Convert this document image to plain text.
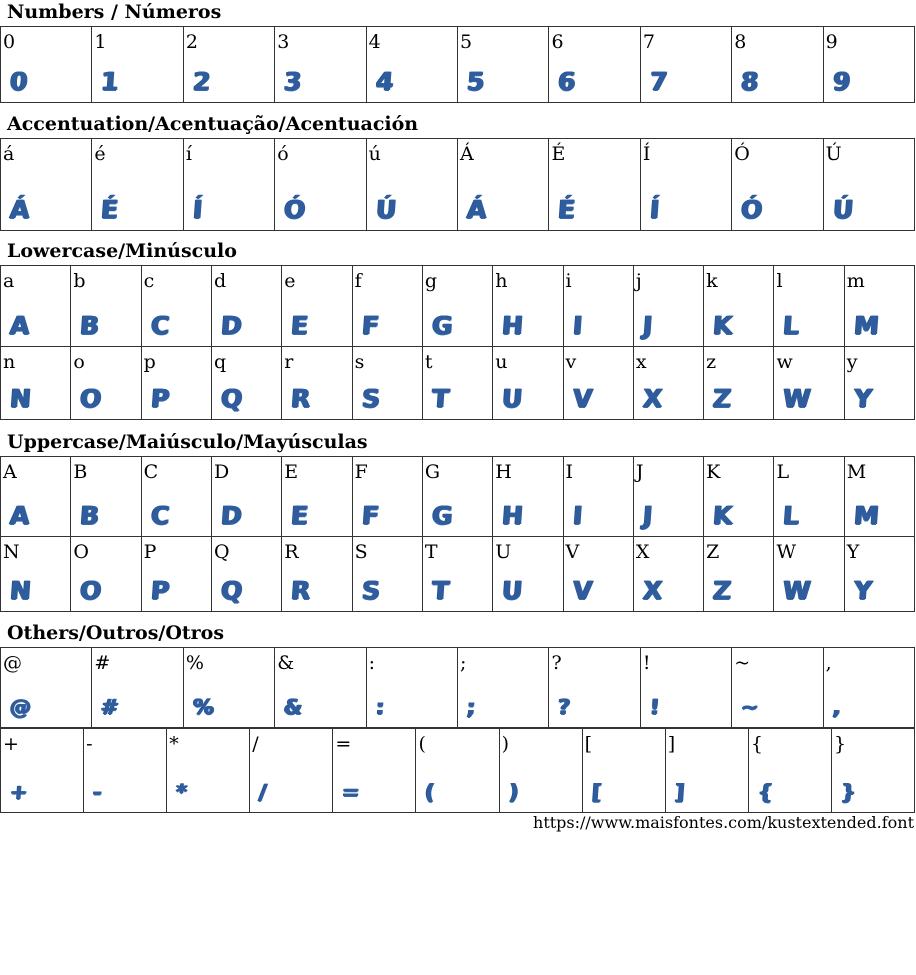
Numbers / Números
0
0
1
1
2
2
3
3
4
4
5
5
6
6
7
7
8
8
9
9
Accentuation/Acentuação/Acentuación
á
Á
é
É
í
Í
ó
Ó
ú
Ú
Á
Á
É
É
Í
Í
Ó
Ó
Ú
Ú
Lowercase/Minúsculo
a
A
b
B
c
C
d
D
e
E
f
F
g
G
h
H
i
I
j
J
k
K
l
L
m
M
n
N
o
O
p
P
q
Q
r
R
s
S
t
T
u
U
v
V
x
X
z
Z
w
W
y
Y
Uppercase/Maiúsculo/Mayúsculas
A
A
B
B
C
C
D
D
E
E
F
F
G
G
H
H
I
I
J
J
K
K
L
L
M
M
N
N
O
O
P
P
Q
Q
R
R
S
S
T
T
U
U
V
V
X
X
Z
Z
W
W
Y
Y
Others/Outros/Otros
@
@
#
#
%
%
&
&
:
:
;
;
?
?
!
!
~
~
,
,
+
+
-
-
*
*
/
/
=
=
(
(
)
)
[
[
]
]
{
{
}
}
https://www.maisfontes.com/kustextended.font
